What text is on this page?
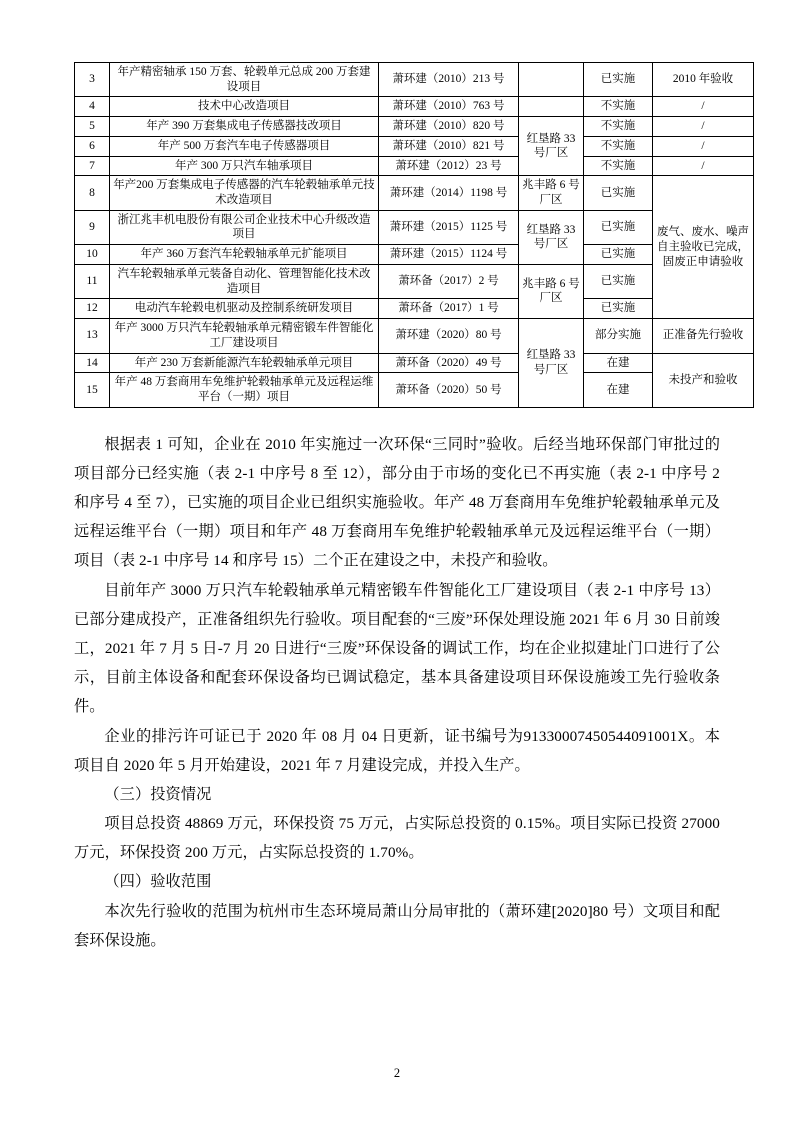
3	年产精密轴承 150 万套、轮毂单元总成 200 万套建设项目	萧环建（2010）213 号		已实施	2010 年验收
4	技术中心改造项目	萧环建（2010）763 号		不实施	/
5	年产 390 万套集成电子传感器技改项目	萧环建（2010）820 号	红垦路 33 号厂区	不实施	/
6	年产 500 万套汽车电子传感器项目	萧环建（2010）821 号		不实施	/
7	年产 300 万只汽车轴承项目	萧环建（2012）23 号		不实施	/
8	年产200 万套集成电子传感器的汽车轮毂轴承单元技术改造项目	萧环建（2014）1198 号	兆丰路 6 号厂区	已实施	废气、废水、噪声自主验收已完成，固废正申请验收
9	浙江兆丰机电股份有限公司企业技术中心升级改造项目	萧环建（2015）1125 号	红垦路 33 号厂区	已实施	
10	年产 360 万套汽车轮毂轴承单元扩能项目	萧环建（2015）1124 号		已实施	
11	汽车轮毂轴承单元装备自动化、管理智能化技术改造项目	萧环备（2017）2 号	兆丰路 6 号厂区	已实施	
12	电动汽车轮毂电机驱动及控制系统研发项目	萧环备（2017）1 号		已实施	
13	年产 3000 万只汽车轮毂轴承单元精密锻车件智能化工厂建设项目	萧环建（2020）80 号	红垦路 33 号厂区	部分实施	正准备先行验收
14	年产 230 万套新能源汽车轮毂轴承单元项目	萧环备（2020）49 号		在建	未投产和验收
15	年产 48 万套商用车免维护轮毂轴承单元及远程运维平台（一期）项目	萧环备（2020）50 号		在建	

根据表 1 可知，企业在 2010 年实施过一次环保“三同时”验收。后经当地环保部门审批过的项目部分已经实施（表 2-1 中序号 8 至 12），部分由于市场的变化已不再实施（表 2-1 中序号 2 和序号 4 至 7），已实施的项目企业已组织实施验收。年产 48 万套商用车免维护轮毂轴承单元及远程运维平台（一期）项目和年产 48 万套商用车免维护轮毂轴承单元及远程运维平台（一期）项目（表 2-1 中序号 14 和序号 15）二个正在建设之中，未投产和验收。

目前年产 3000 万只汽车轮毂轴承单元精密锻车件智能化工厂建设项目（表 2-1 中序号 13）已部分建成投产，正准备组织先行验收。项目配套的“三废”环保处理设施 2021 年 6 月 30 日前竣工，2021 年 7 月 5 日-7 月 20 日进行“三废”环保设备的调试工作，均在企业拟建址门口进行了公示，目前主体设备和配套环保设备均已调试稳定，基本具备建设项目环保设施竣工先行验收条件。

企业的排污许可证已于 2020 年 08 月 04 日更新，证书编号为91330007450544091001X。本项目自 2020 年 5 月开始建设，2021 年 7 月建设完成，并投入生产。

（三）投资情况

项目总投资 48869 万元，环保投资 75 万元，占实际总投资的 0.15%。项目实际已投资 27000 万元，环保投资 200 万元，占实际总投资的 1.70%。

（四）验收范围

本次先行验收的范围为杭州市生态环境局萧山分局审批的（萧环建[2020]80 号）文项目和配套环保设施。

2
